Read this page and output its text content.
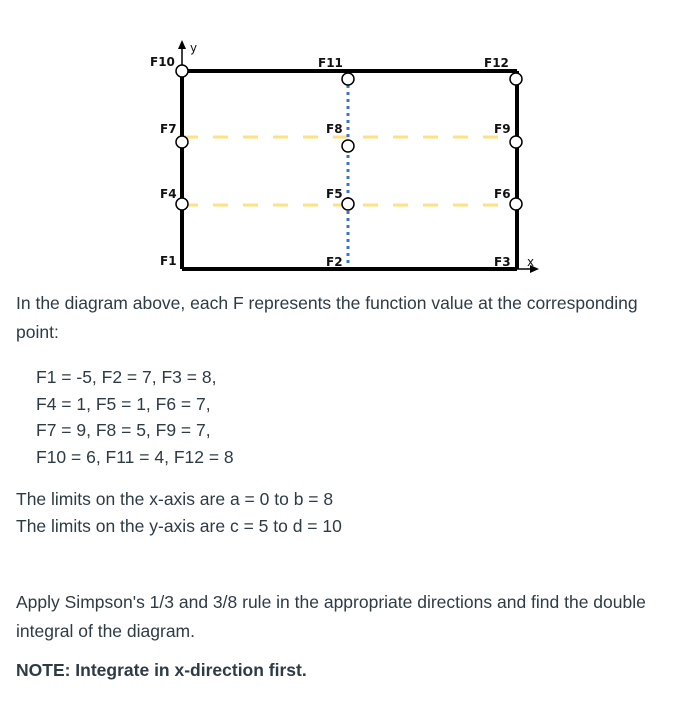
y
x
F10	F11	F12
F7	F8	F9
F4	F5	F6
F1	F2	F3

In the diagram above, each F represents the function value at the corresponding point:

F1 = -5, F2 = 7, F3 = 8,
F4 = 1, F5 = 1, F6 = 7,
F7 = 9, F8 = 5, F9 = 7,
F10 = 6, F11 = 4, F12 = 8
The limits on the x-axis are a = 0 to b = 8
The limits on the y-axis are c = 5 to d = 10

Apply Simpson's 1/3 and 3/8 rule in the appropriate directions and find the double integral of the diagram.

NOTE: Integrate in x-direction first.
